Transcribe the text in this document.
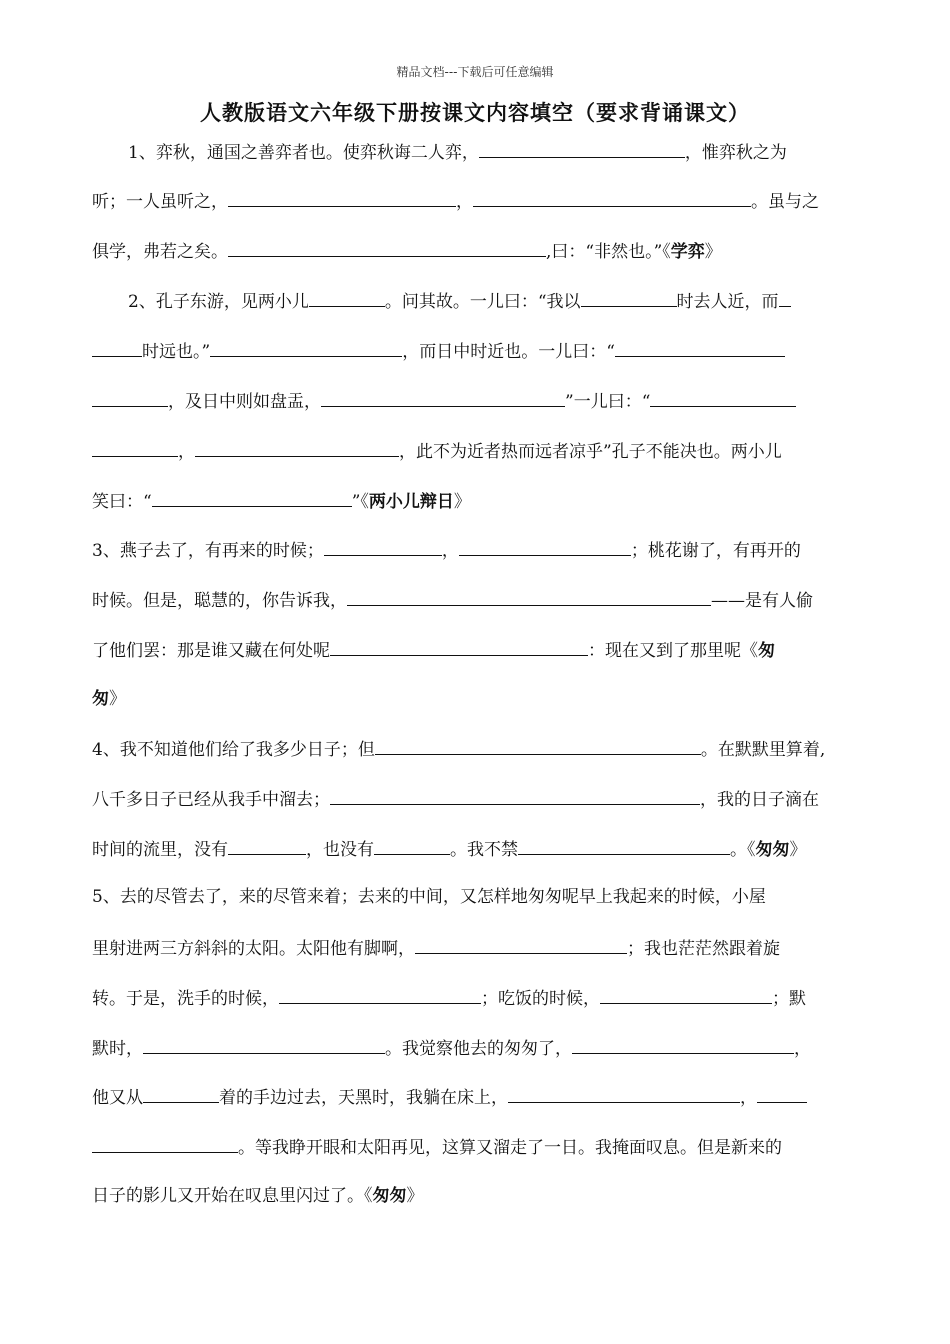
精品文档---下载后可任意编辑
人教版语文六年级下册按课文内容填空（要求背诵课文）
1、弈秋，通国之善弈者也。使弈秋诲二人弈，	，惟弈秋之为
听；一人虽听之，	，	。虽与之
俱学，弗若之矣。	,曰：“非然也。”《学弈》
2、孔子东游，见两小儿	。问其故。一儿曰：“我以	时去人近，而
时远也。”	，而日中时近也。一儿曰：“
，及日中则如盘盂，	”一儿曰：“
，	，此不为近者热而远者凉乎”孔子不能决也。两小儿
笑曰：“	”《两小儿辩日》
3、燕子去了，有再来的时候；	，	；桃花谢了，有再开的
时候。但是，聪慧的，你告诉我，	——是有人偷
了他们罢：那是谁又藏在何处呢	：现在又到了那里呢《匆
匆》
4、我不知道他们给了我多少日子；但	。在默默里算着,
八千多日子已经从我手中溜去；	，我的日子滴在
时间的流里，没有	，也没有	。我不禁	。《匆匆》
5、去的尽管去了，来的尽管来着；去来的中间，又怎样地匆匆呢早上我起来的时候，小屋
里射进两三方斜斜的太阳。太阳他有脚啊，	；我也茫茫然跟着旋
转。于是，洗手的时候，	；吃饭的时候，	；默
默时，	。我觉察他去的匆匆了，	，
他又从	着的手边过去，天黑时，我躺在床上，	，
。等我睁开眼和太阳再见，这算又溜走了一日。我掩面叹息。但是新来的
日子的影儿又开始在叹息里闪过了。《匆匆》
